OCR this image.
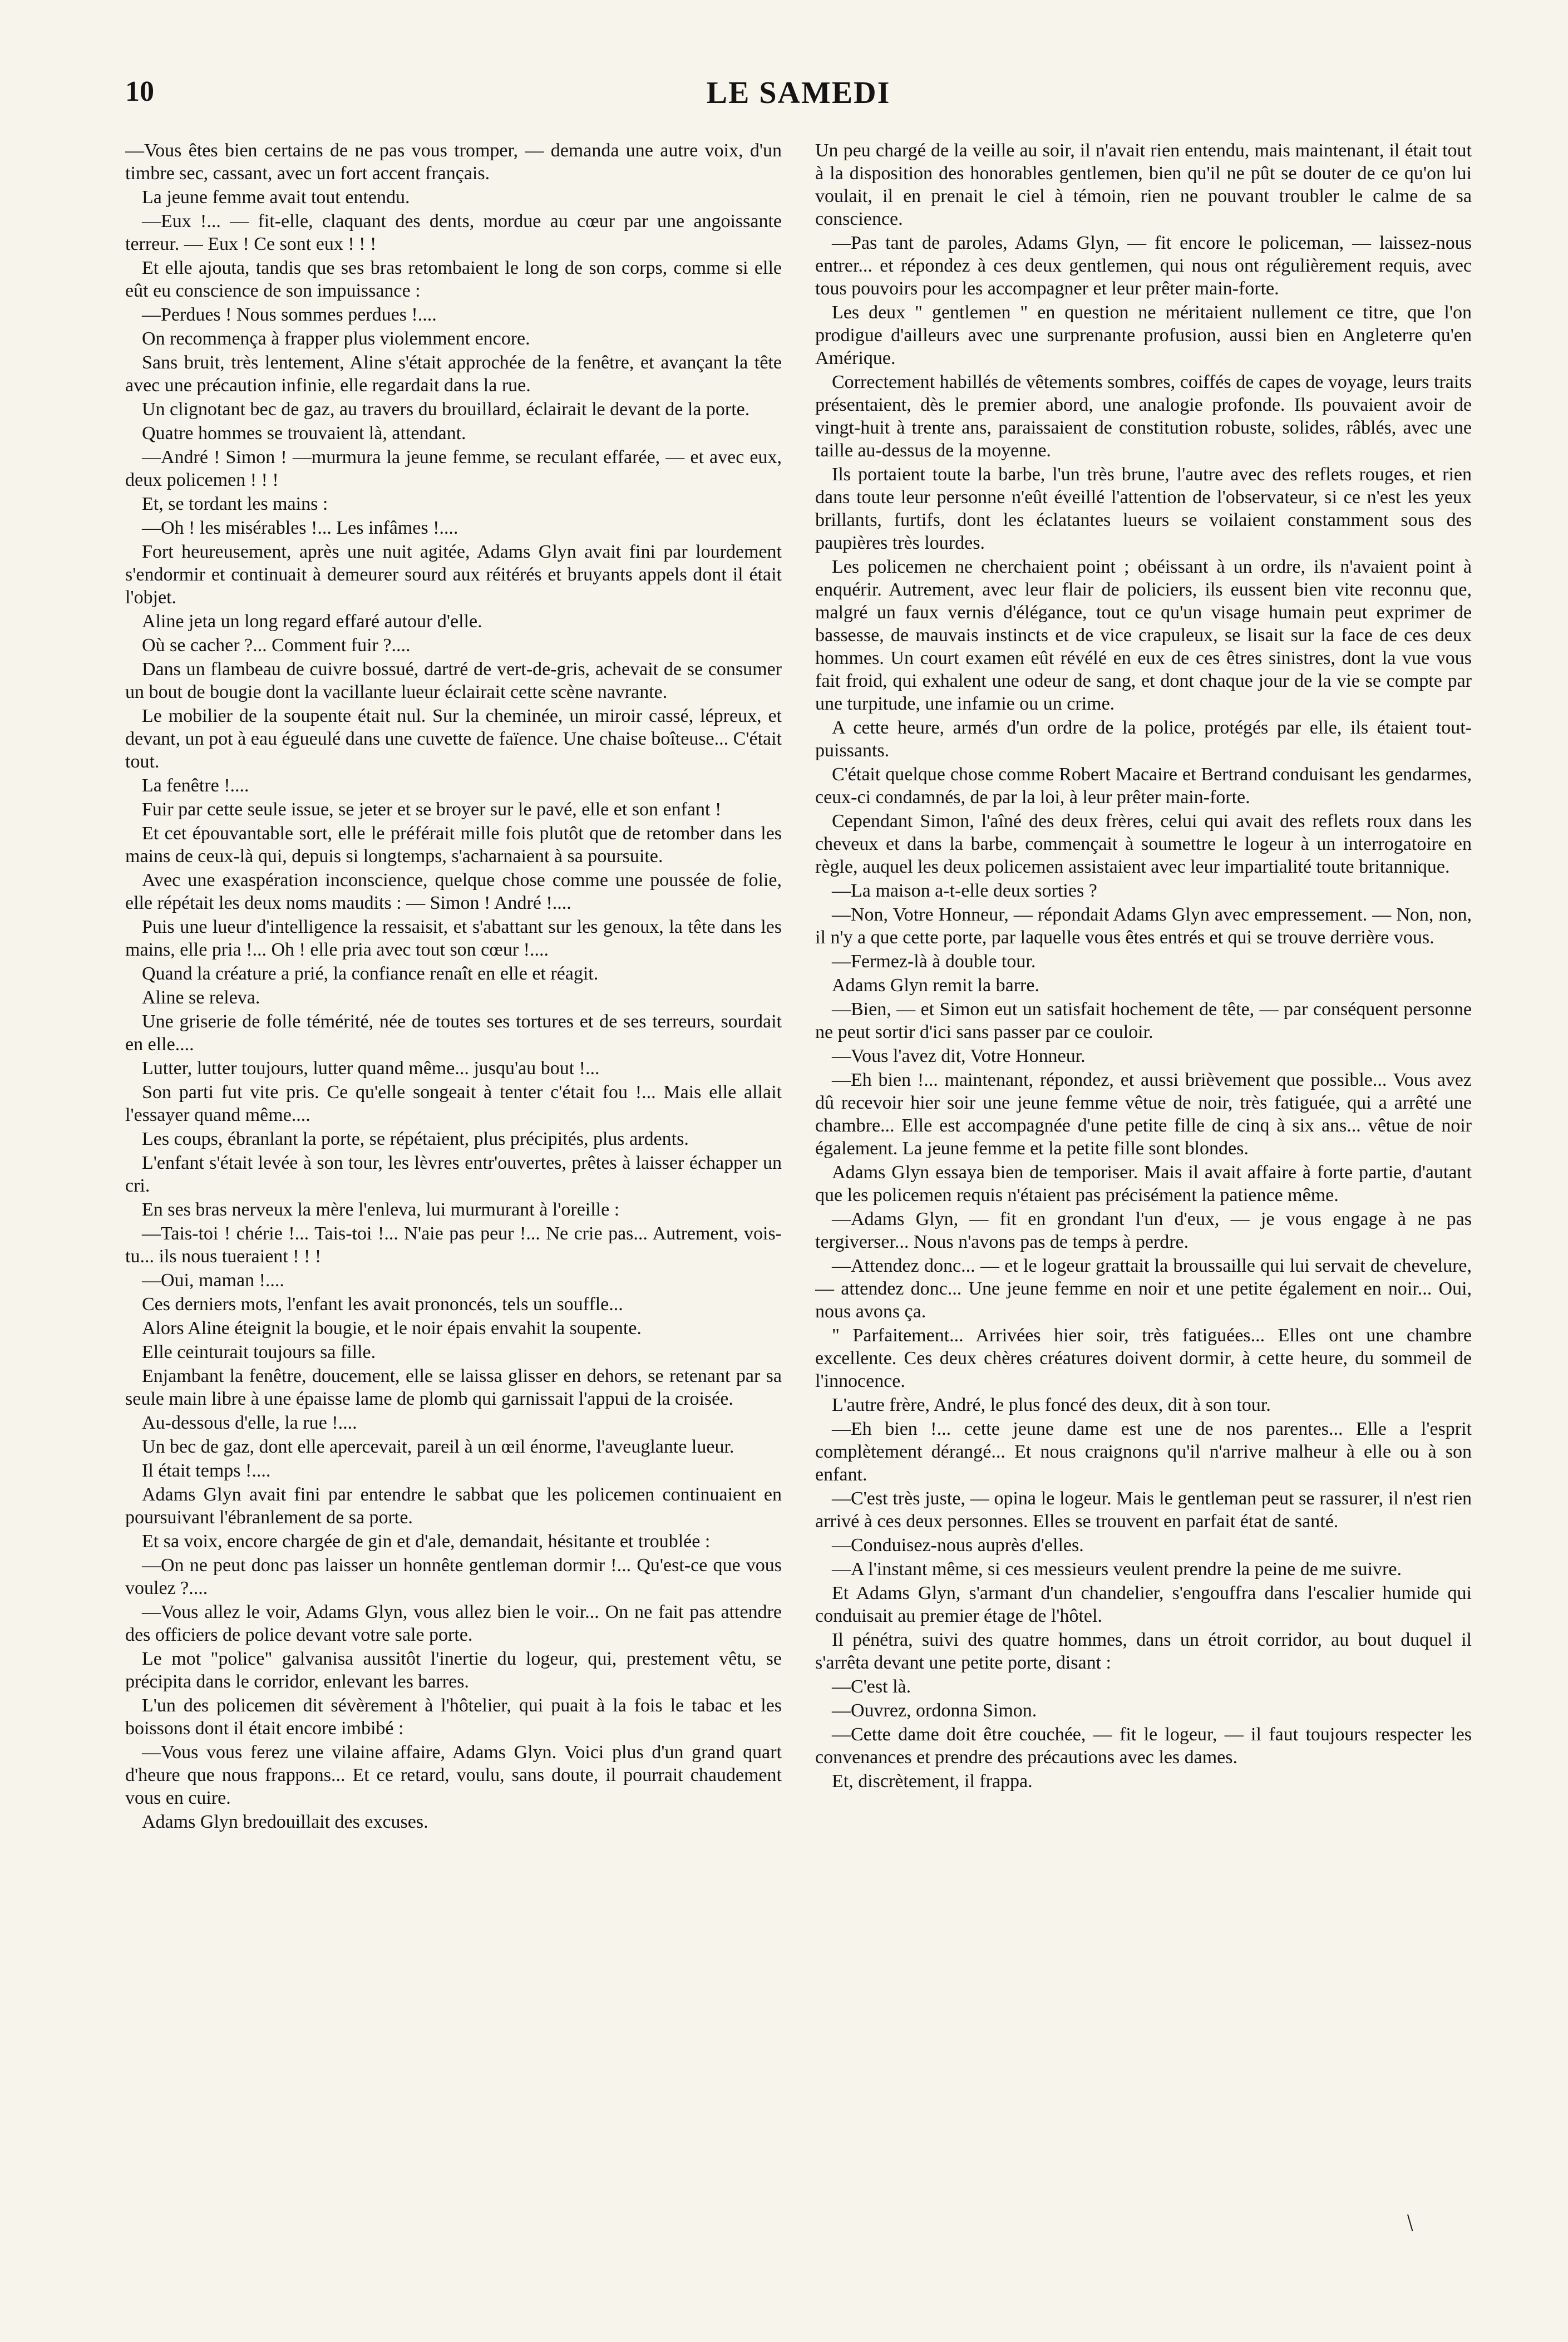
10	LE SAMEDI

—Vous êtes bien certains de ne pas vous tromper, — demanda une autre voix, d'un timbre sec, cassant, avec un fort accent français.

La jeune femme avait tout entendu.

—Eux !... — fit-elle, claquant des dents, mordue au cœur par une angoissante terreur. — Eux ! Ce sont eux ! ! !

Et elle ajouta, tandis que ses bras retombaient le long de son corps, comme si elle eût eu conscience de son impuissance :

—Perdues ! Nous sommes perdues !....

On recommença à frapper plus violemment encore.

Sans bruit, très lentement, Aline s'était approchée de la fenêtre, et avançant la tête avec une précaution infinie, elle regardait dans la rue.

Un clignotant bec de gaz, au travers du brouillard, éclairait le devant de la porte.

Quatre hommes se trouvaient là, attendant.

—André ! Simon ! —murmura la jeune femme, se reculant effarée, — et avec eux, deux policemen ! ! !

Et, se tordant les mains :

—Oh ! les misérables !... Les infâmes !....

Fort heureusement, après une nuit agitée, Adams Glyn avait fini par lourdement s'endormir et continuait à demeurer sourd aux réitérés et bruyants appels dont il était l'objet.

Aline jeta un long regard effaré autour d'elle.

Où se cacher ?... Comment fuir ?....

Dans un flambeau de cuivre bossué, dartré de vert-de-gris, achevait de se consumer un bout de bougie dont la vacillante lueur éclairait cette scène navrante.

Le mobilier de la soupente était nul. Sur la cheminée, un miroir cassé, lépreux, et devant, un pot à eau égueulé dans une cuvette de faïence. Une chaise boîteuse... C'était tout.

La fenêtre !....

Fuir par cette seule issue, se jeter et se broyer sur le pavé, elle et son enfant !

Et cet épouvantable sort, elle le préférait mille fois plutôt que de retomber dans les mains de ceux-là qui, depuis si longtemps, s'acharnaient à sa poursuite.

Avec une exaspération inconscience, quelque chose comme une poussée de folie, elle répétait les deux noms maudits : — Simon ! André !....

Puis une lueur d'intelligence la ressaisit, et s'abattant sur les genoux, la tête dans les mains, elle pria !... Oh ! elle pria avec tout son cœur !....

Quand la créature a prié, la confiance renaît en elle et réagit.

Aline se releva.

Une griserie de folle témérité, née de toutes ses tortures et de ses terreurs, sourdait en elle....

Lutter, lutter toujours, lutter quand même... jusqu'au bout !...

Son parti fut vite pris. Ce qu'elle songeait à tenter c'était fou !... Mais elle allait l'essayer quand même....

Les coups, ébranlant la porte, se répétaient, plus précipités, plus ardents.

L'enfant s'était levée à son tour, les lèvres entr'ouvertes, prêtes à laisser échapper un cri.

En ses bras nerveux la mère l'enleva, lui murmurant à l'oreille :

—Tais-toi ! chérie !... Tais-toi !... N'aie pas peur !... Ne crie pas... Autrement, vois-tu... ils nous tueraient ! ! !

—Oui, maman !....

Ces derniers mots, l'enfant les avait prononcés, tels un souffle...

Alors Aline éteignit la bougie, et le noir épais envahit la soupente.

Elle ceinturait toujours sa fille.

Enjambant la fenêtre, doucement, elle se laissa glisser en dehors, se retenant par sa seule main libre à une épaisse lame de plomb qui garnissait l'appui de la croisée.

Au-dessous d'elle, la rue !....

Un bec de gaz, dont elle apercevait, pareil à un œil énorme, l'aveuglante lueur.

Il était temps !....

Adams Glyn avait fini par entendre le sabbat que les policemen continuaient en poursuivant l'ébranlement de sa porte.

Et sa voix, encore chargée de gin et d'ale, demandait, hésitante et troublée :

—On ne peut donc pas laisser un honnête gentleman dormir !... Qu'est-ce que vous voulez ?....

—Vous allez le voir, Adams Glyn, vous allez bien le voir... On ne fait pas attendre des officiers de police devant votre sale porte.

Le mot "police" galvanisa aussitôt l'inertie du logeur, qui, prestement vêtu, se précipita dans le corridor, enlevant les barres.

L'un des policemen dit sévèrement à l'hôtelier, qui puait à la fois le tabac et les boissons dont il était encore imbibé :

—Vous vous ferez une vilaine affaire, Adams Glyn. Voici plus d'un grand quart d'heure que nous frappons... Et ce retard, voulu, sans doute, il pourrait chaudement vous en cuire.

Adams Glyn bredouillait des excuses.

Un peu chargé de la veille au soir, il n'avait rien entendu, mais maintenant, il était tout à la disposition des honorables gentlemen, bien qu'il ne pût se douter de ce qu'on lui voulait, il en prenait le ciel à témoin, rien ne pouvant troubler le calme de sa conscience.

—Pas tant de paroles, Adams Glyn, — fit encore le policeman, — laissez-nous entrer... et répondez à ces deux gentlemen, qui nous ont régulièrement requis, avec tous pouvoirs pour les accompagner et leur prêter main-forte.

Les deux " gentlemen " en question ne méritaient nullement ce titre, que l'on prodigue d'ailleurs avec une surprenante profusion, aussi bien en Angleterre qu'en Amérique.

Correctement habillés de vêtements sombres, coiffés de capes de voyage, leurs traits présentaient, dès le premier abord, une analogie profonde. Ils pouvaient avoir de vingt-huit à trente ans, paraissaient de constitution robuste, solides, râblés, avec une taille au-dessus de la moyenne.

Ils portaient toute la barbe, l'un très brune, l'autre avec des reflets rouges, et rien dans toute leur personne n'eût éveillé l'attention de l'observateur, si ce n'est les yeux brillants, furtifs, dont les éclatantes lueurs se voilaient constamment sous des paupières très lourdes.

Les policemen ne cherchaient point ; obéissant à un ordre, ils n'avaient point à enquérir. Autrement, avec leur flair de policiers, ils eussent bien vite reconnu que, malgré un faux vernis d'élégance, tout ce qu'un visage humain peut exprimer de bassesse, de mauvais instincts et de vice crapuleux, se lisait sur la face de ces deux hommes. Un court examen eût révélé en eux de ces êtres sinistres, dont la vue vous fait froid, qui exhalent une odeur de sang, et dont chaque jour de la vie se compte par une turpitude, une infamie ou un crime.

A cette heure, armés d'un ordre de la police, protégés par elle, ils étaient tout-puissants.

C'était quelque chose comme Robert Macaire et Bertrand conduisant les gendarmes, ceux-ci condamnés, de par la loi, à leur prêter main-forte.

Cependant Simon, l'aîné des deux frères, celui qui avait des reflets roux dans les cheveux et dans la barbe, commençait à soumettre le logeur à un interrogatoire en règle, auquel les deux policemen assistaient avec leur impartialité toute britannique.

—La maison a-t-elle deux sorties ?

—Non, Votre Honneur, — répondait Adams Glyn avec empressement. — Non, non, il n'y a que cette porte, par laquelle vous êtes entrés et qui se trouve derrière vous.

—Fermez-là à double tour.

Adams Glyn remit la barre.

—Bien, — et Simon eut un satisfait hochement de tête, — par conséquent personne ne peut sortir d'ici sans passer par ce couloir.

—Vous l'avez dit, Votre Honneur.

—Eh bien !... maintenant, répondez, et aussi brièvement que possible... Vous avez dû recevoir hier soir une jeune femme vêtue de noir, très fatiguée, qui a arrêté une chambre... Elle est accompagnée d'une petite fille de cinq à six ans... vêtue de noir également. La jeune femme et la petite fille sont blondes.

Adams Glyn essaya bien de temporiser. Mais il avait affaire à forte partie, d'autant que les policemen requis n'étaient pas précisément la patience même.

—Adams Glyn, — fit en grondant l'un d'eux, — je vous engage à ne pas tergiverser... Nous n'avons pas de temps à perdre.

—Attendez donc... — et le logeur grattait la broussaille qui lui servait de chevelure, — attendez donc... Une jeune femme en noir et une petite également en noir... Oui, nous avons ça.

" Parfaitement... Arrivées hier soir, très fatiguées... Elles ont une chambre excellente. Ces deux chères créatures doivent dormir, à cette heure, du sommeil de l'innocence.

L'autre frère, André, le plus foncé des deux, dit à son tour.

—Eh bien !... cette jeune dame est une de nos parentes... Elle a l'esprit complètement dérangé... Et nous craignons qu'il n'arrive malheur à elle ou à son enfant.

—C'est très juste, — opina le logeur. Mais le gentleman peut se rassurer, il n'est rien arrivé à ces deux personnes. Elles se trouvent en parfait état de santé.

—Conduisez-nous auprès d'elles.

—A l'instant même, si ces messieurs veulent prendre la peine de me suivre.

Et Adams Glyn, s'armant d'un chandelier, s'engouffra dans l'escalier humide qui conduisait au premier étage de l'hôtel.

Il pénétra, suivi des quatre hommes, dans un étroit corridor, au bout duquel il s'arrêta devant une petite porte, disant :

—C'est là.

—Ouvrez, ordonna Simon.

—Cette dame doit être couchée, — fit le logeur, — il faut toujours respecter les convenances et prendre des précautions avec les dames.

Et, discrètement, il frappa.

/
